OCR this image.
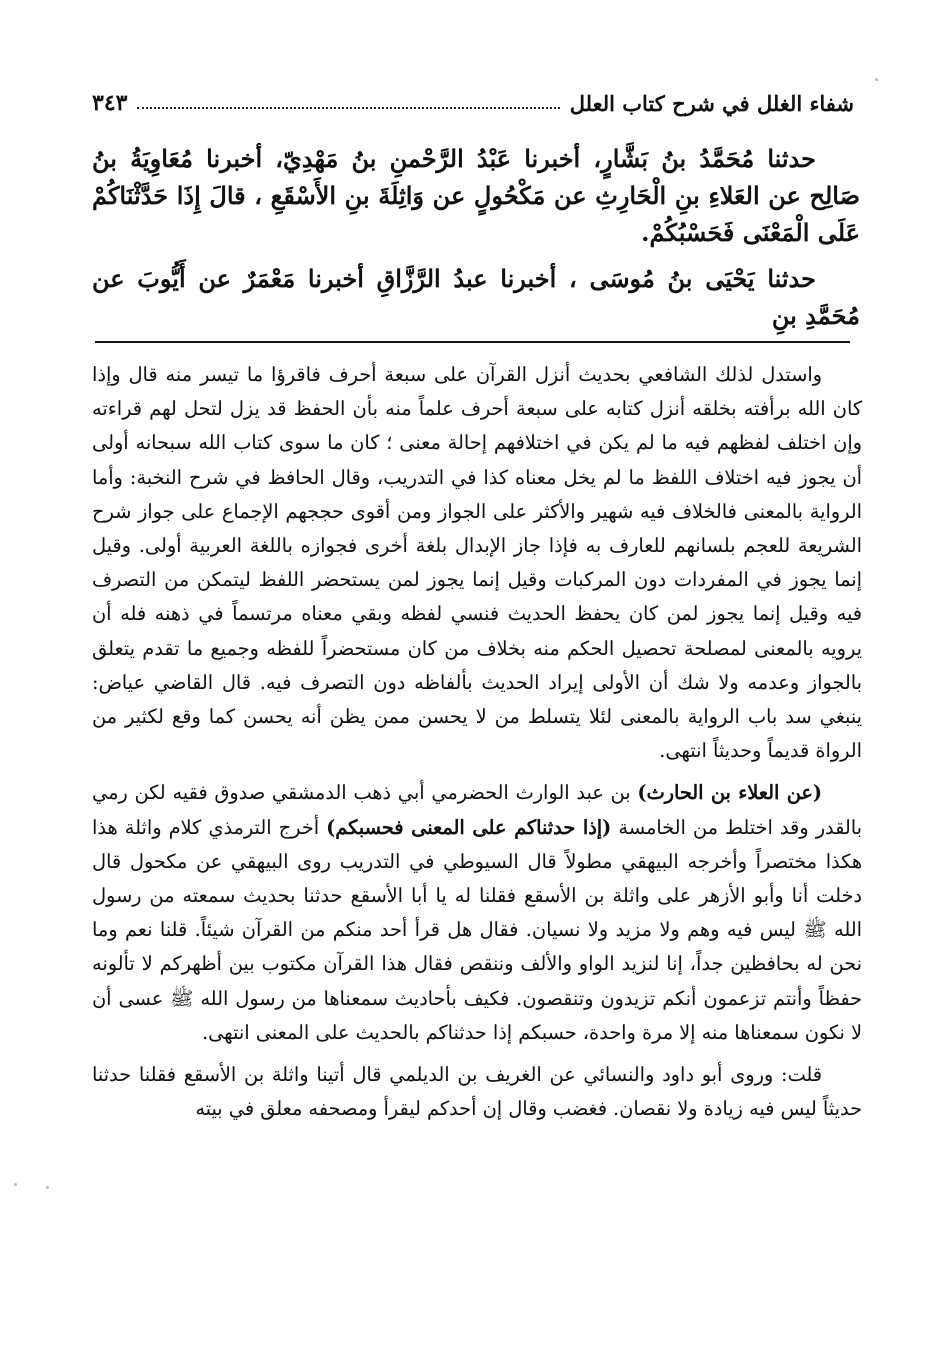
شفاء الغلل في شرح كتاب العلل
٣٤٣

حدثنا مُحَمَّدُ بنُ بَشَّارٍ، أخبرنا عَبْدُ الرَّحْمنِ بنُ مَهْدِيّ، أخبرنا مُعَاوِيَةُ بنُ صَالِح عن العَلاءِ بنِ الْحَارِثِ عن مَكْحُولٍ عن وَاثِلَةَ بنِ الأَسْقَعِ ، قالَ إِذَا حَدَّثْنَاكُمْ عَلَى الْمَعْنَى فَحَسْبُكُمْ.

حدثنا يَحْيَى بنُ مُوسَى ، أخبرنا عبدُ الرَّزَّاقِ أخبرنا مَعْمَرٌ عن أَيُّوبَ عن مُحَمَّدِ بنِ

واستدل لذلك الشافعي بحديث أنزل القرآن على سبعة أحرف فاقرؤا ما تيسر منه قال وإذا كان الله برأفته بخلقه أنزل كتابه على سبعة أحرف علماً منه بأن الحفظ قد يزل لتحل لهم قراءته وإن اختلف لفظهم فيه ما لم يكن في اختلافهم إحالة معنى ؛ كان ما سوى كتاب الله سبحانه أولى أن يجوز فيه اختلاف اللفظ ما لم يخل معناه كذا في التدريب، وقال الحافظ في شرح النخبة: وأما الرواية بالمعنى فالخلاف فيه شهير والأكثر على الجواز ومن أقوى حججهم الإجماع على جواز شرح الشريعة للعجم بلسانهم للعارف به فإذا جاز الإبدال بلغة أخرى فجوازه باللغة العربية أولى. وقيل إنما يجوز في المفردات دون المركبات وقيل إنما يجوز لمن يستحضر اللفظ ليتمكن من التصرف فيه وقيل إنما يجوز لمن كان يحفظ الحديث فنسي لفظه وبقي معناه مرتسماً في ذهنه فله أن يرويه بالمعنى لمصلحة تحصيل الحكم منه بخلاف من كان مستحضراً للفظه وجميع ما تقدم يتعلق بالجواز وعدمه ولا شك أن الأولى إيراد الحديث بألفاظه دون التصرف فيه. قال القاضي عياض: ينبغي سد باب الرواية بالمعنى لئلا يتسلط من لا يحسن ممن يظن أنه يحسن كما وقع لكثير من الرواة قديماً وحديثاً انتهى.

(عن العلاء بن الحارث) بن عبد الوارث الحضرمي أبي ذهب الدمشقي صدوق فقيه لكن رمي بالقدر وقد اختلط من الخامسة (إذا حدثناكم على المعنى فحسبكم) أخرج الترمذي كلام واثلة هذا هكذا مختصراً وأخرجه البيهقي مطولاً قال السيوطي في التدريب روى البيهقي عن مكحول قال دخلت أنا وأبو الأزهر على واثلة بن الأسقع فقلنا له يا أبا الأسقع حدثنا بحديث سمعته من رسول الله ﷺ ليس فيه وهم ولا مزيد ولا نسيان. فقال هل قرأ أحد منكم من القرآن شيئاً. قلنا نعم وما نحن له بحافظين جداً، إنا لنزيد الواو والألف وننقص فقال هذا القرآن مكتوب بين أظهركم لا تألونه حفظاً وأنتم تزعمون أنكم تزيدون وتنقصون. فكيف بأحاديث سمعناها من رسول الله ﷺ عسى أن لا نكون سمعناها منه إلا مرة واحدة، حسبكم إذا حدثناكم بالحديث على المعنى انتهى.

قلت: وروى أبو داود والنسائي عن الغريف بن الديلمي قال أتينا واثلة بن الأسقع فقلنا حدثنا حديثاً ليس فيه زيادة ولا نقصان. فغضب وقال إن أحدكم ليقرأ ومصحفه معلق في بيته
